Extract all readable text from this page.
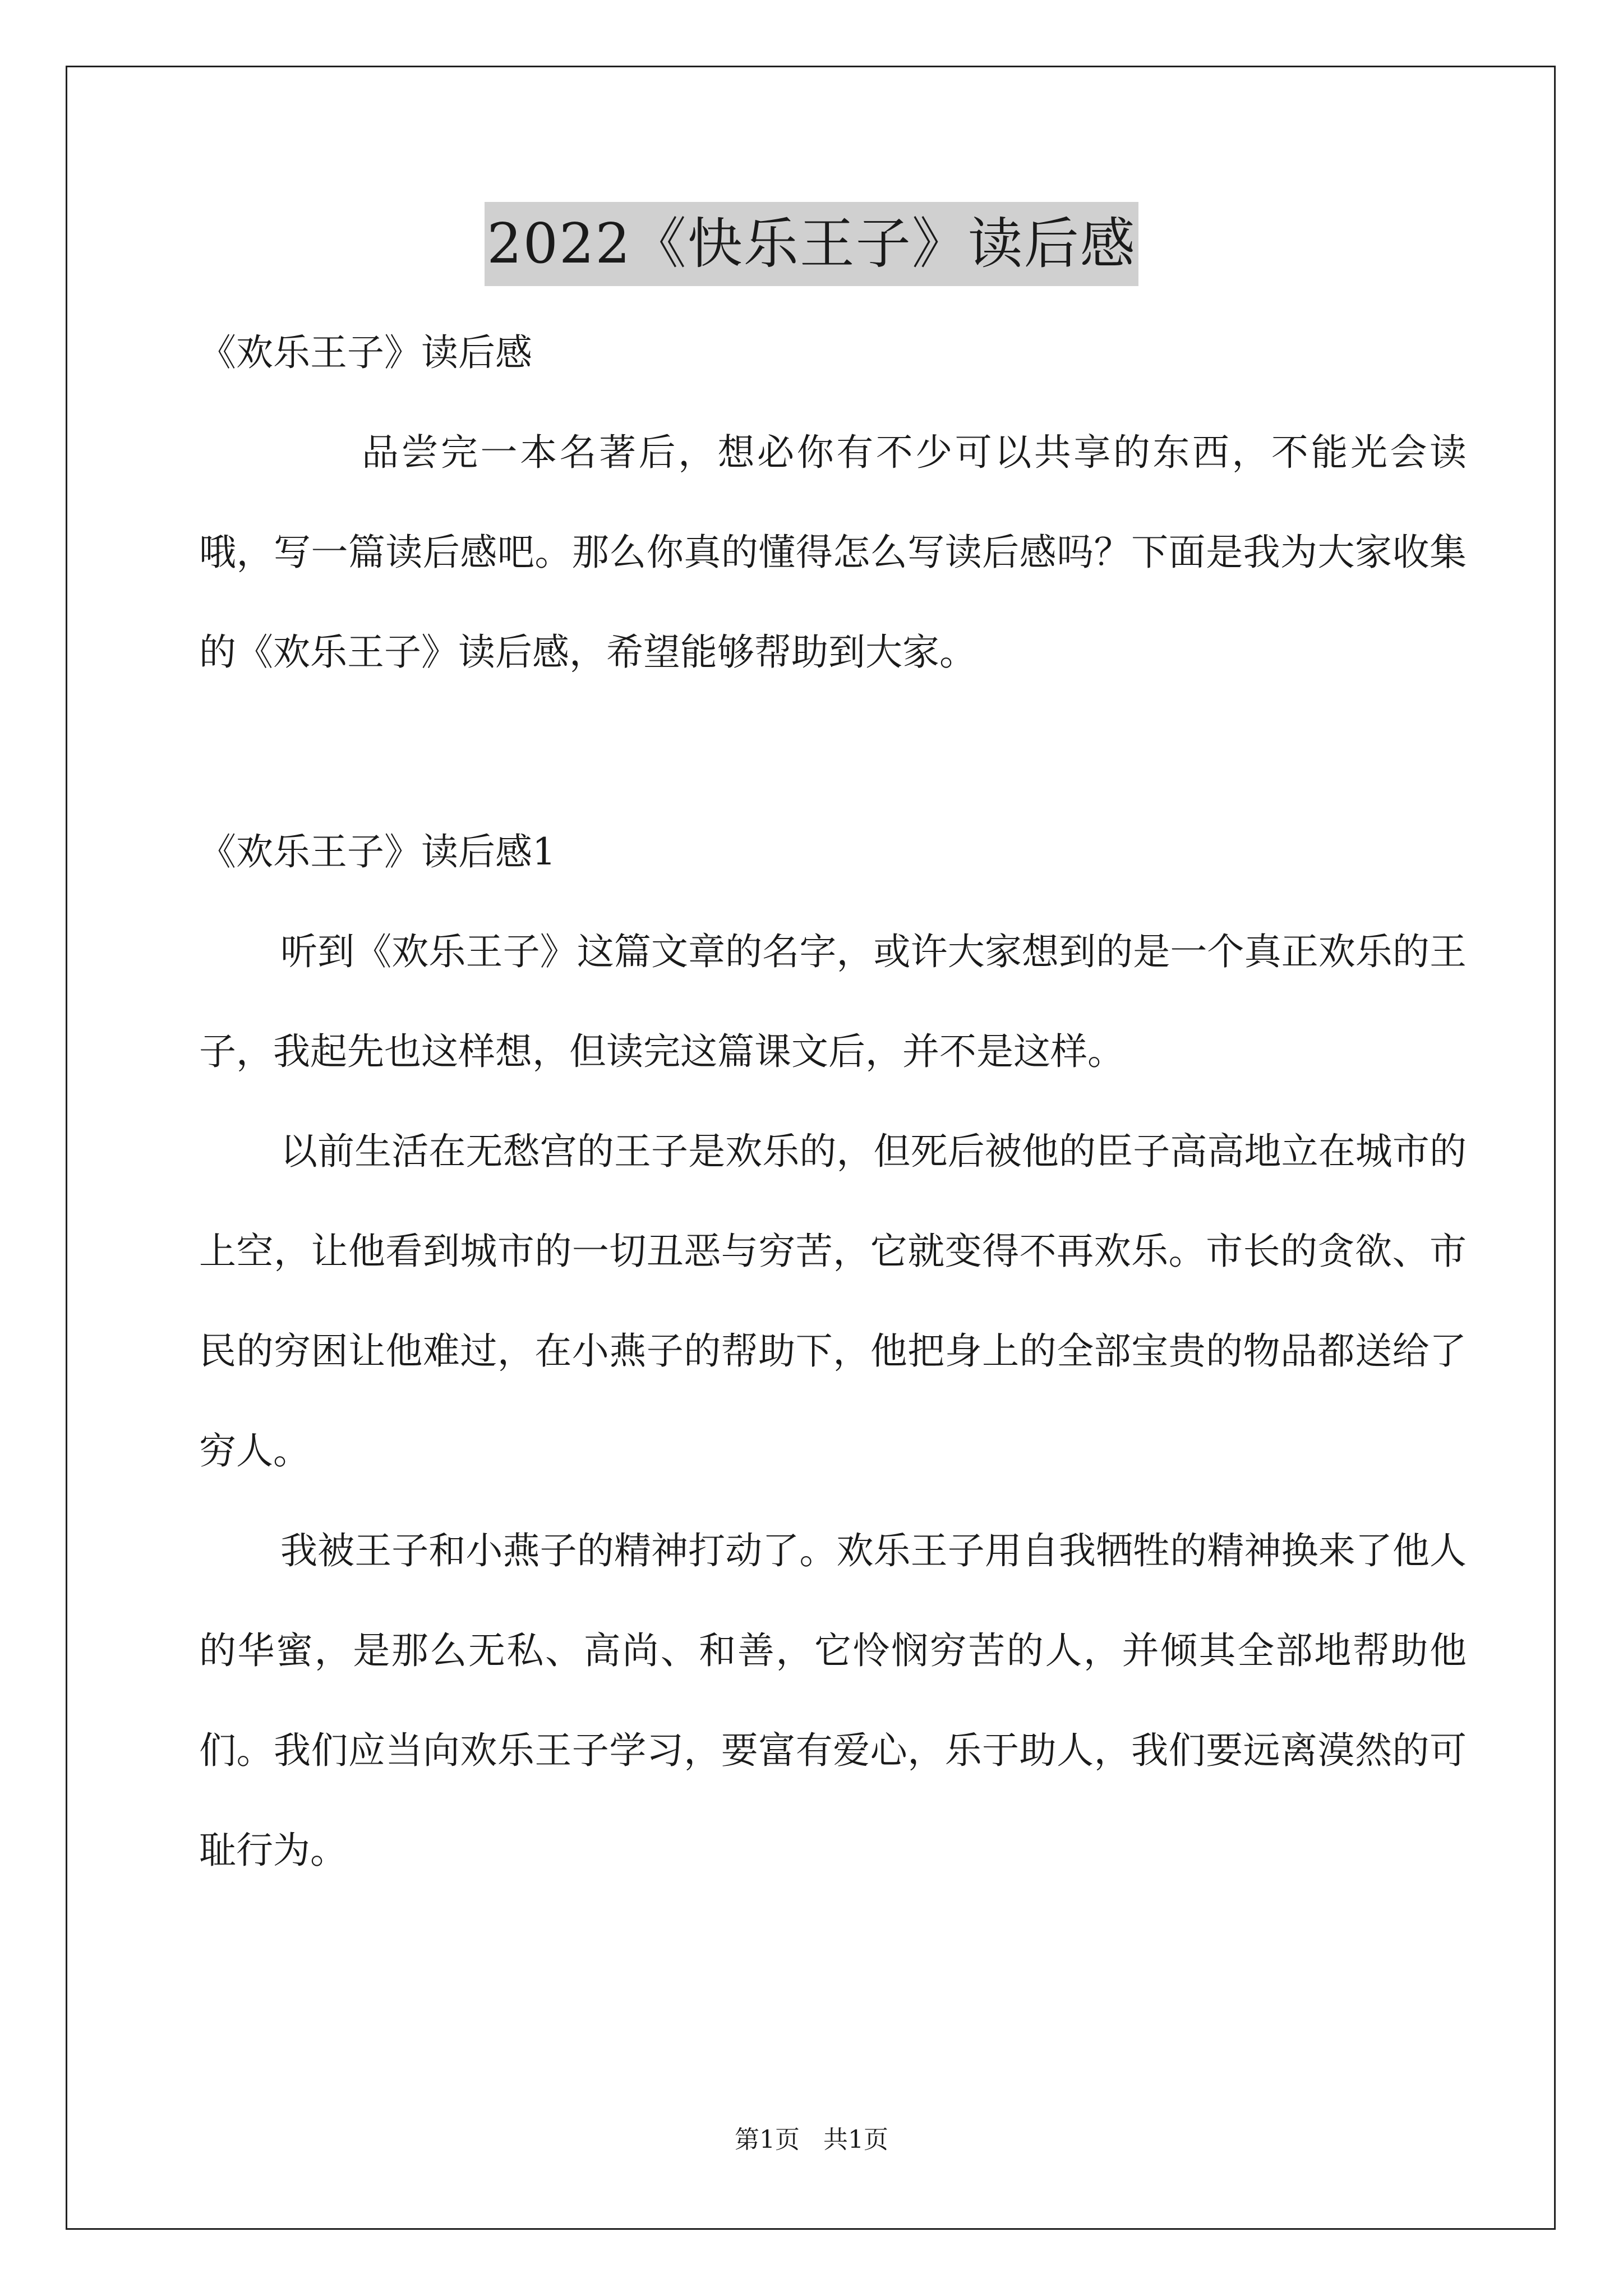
2022《快乐王子》读后感

《欢乐王子》读后感

品尝完一本名著后，想必你有不少可以共享的东西，不能光会读哦，写一篇读后感吧。那么你真的懂得怎么写读后感吗？下面是我为大家收集的《欢乐王子》读后感，希望能够帮助到大家。

《欢乐王子》读后感1

听到《欢乐王子》这篇文章的名字，或许大家想到的是一个真正欢乐的王子，我起先也这样想，但读完这篇课文后，并不是这样。

以前生活在无愁宫的王子是欢乐的，但死后被他的臣子高高地立在城市的上空，让他看到城市的一切丑恶与穷苦，它就变得不再欢乐。市长的贪欲、市民的穷困让他难过，在小燕子的帮助下，他把身上的全部宝贵的物品都送给了穷人。

我被王子和小燕子的精神打动了。欢乐王子用自我牺牲的精神换来了他人的华蜜，是那么无私、高尚、和善，它怜悯穷苦的人，并倾其全部地帮助他们。我们应当向欢乐王子学习，要富有爱心，乐于助人，我们要远离漠然的可耻行为。

第1页 共1页
